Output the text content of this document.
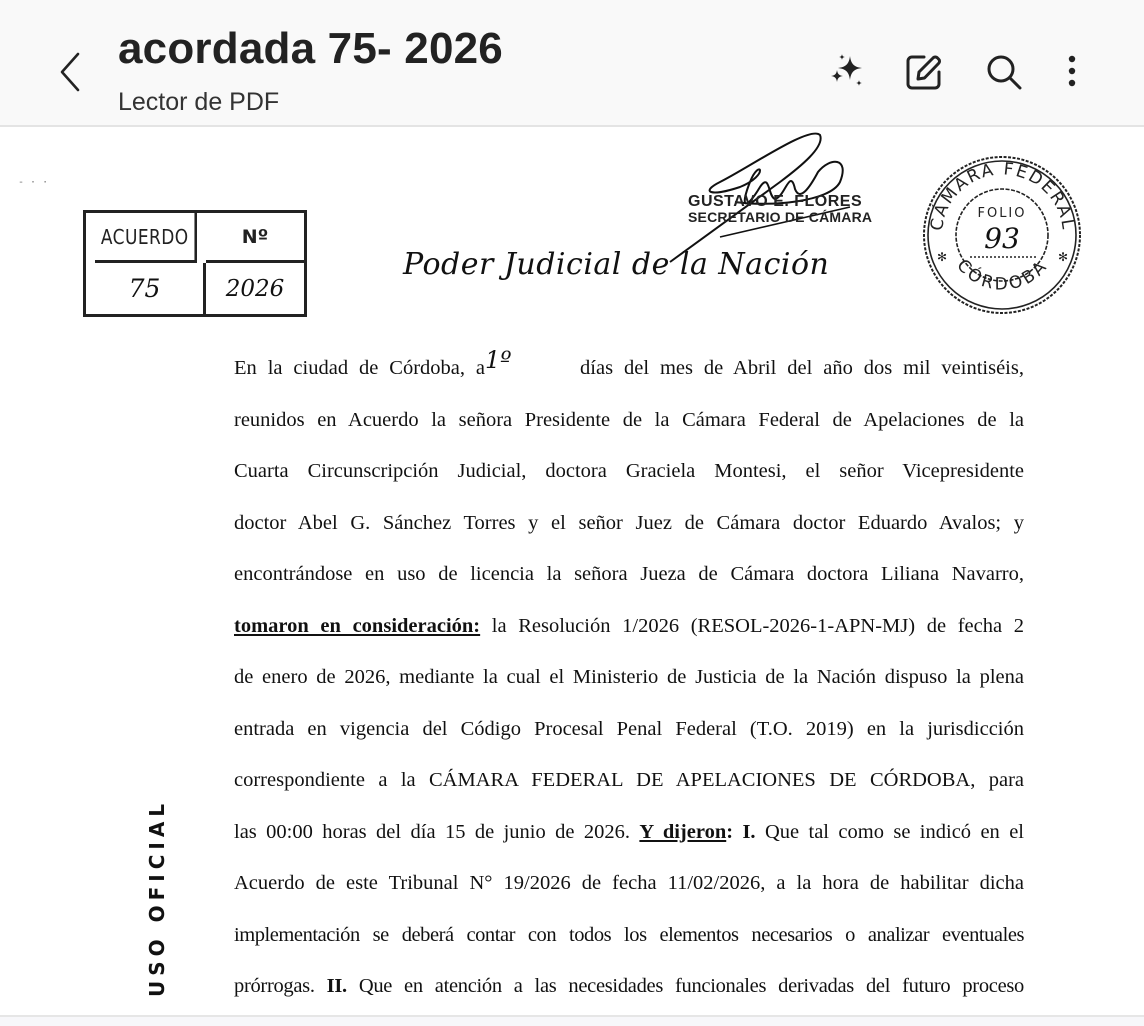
acordada 75- 2026
Lector de PDF
- · ·
ACUERDO	Nº
75	2026
GUSTAVO E. FLORES
SECRETARIO DE CÁMARA
Poder Judicial de la Nación
CÁMARA FEDERAL
CÓRDOBA
FOLIO
93
✻	✻
USO OFICIAL
En la ciudad de Córdoba, a1º	días del mes de Abril del año dos mil veintiséis,
reunidos en Acuerdo la señora Presidente de la Cámara Federal de Apelaciones de la
Cuarta Circunscripción Judicial, doctora Graciela Montesi, el señor Vicepresidente
doctor Abel G. Sánchez Torres y el señor Juez de Cámara doctor Eduardo Avalos; y
encontrándose en uso de licencia la señora Jueza de Cámara doctora Liliana Navarro,
tomaron en consideración: la Resolución 1/2026 (RESOL-2026-1-APN-MJ) de fecha 2
de enero de 2026, mediante la cual el Ministerio de Justicia de la Nación dispuso la plena
entrada en vigencia del Código Procesal Penal Federal (T.O. 2019) en la jurisdicción
correspondiente a la CÁMARA FEDERAL DE APELACIONES DE CÓRDOBA, para
las 00:00 horas del día 15 de junio de 2026. Y dijeron: I. Que tal como se indicó en el
Acuerdo de este Tribunal N° 19/2026 de fecha 11/02/2026, a la hora de habilitar dicha
implementación se deberá contar con todos los elementos necesarios o analizar eventuales
prórrogas. II. Que en atención a las necesidades funcionales derivadas del futuro proceso
